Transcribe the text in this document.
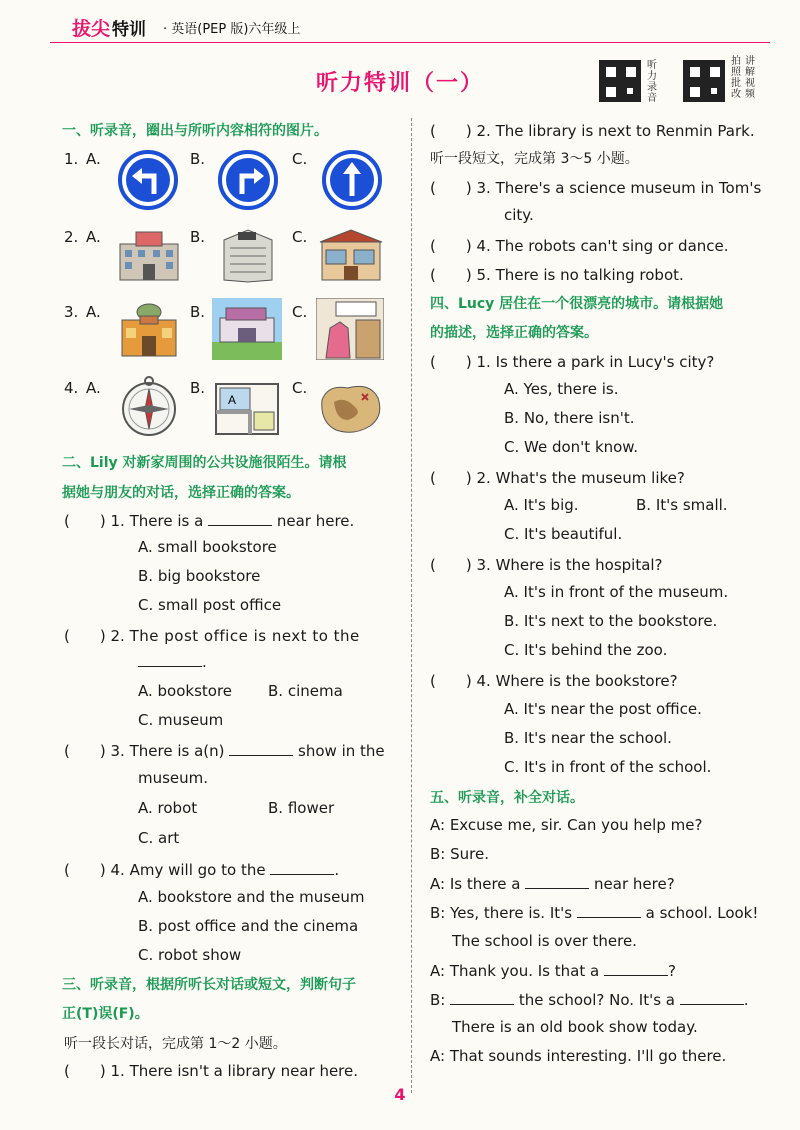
拔尖 特训 · 英语(PEP 版)六年级上
听力特训（一）
听力录音
拍照批改
讲解视频
一、听录音，圈出与所听内容相符的图片。
1. A.	B.	C.
2. A.	B.	C.
3. A.	B.	C.
4. A.	B.	C.
A
二、Lily 对新家周围的公共设施很陌生。请根
据她与朋友的对话，选择正确的答案。
(　　) 1. There is a	near here.
A. small bookstore
B. big bookstore
C. small post office
(　　) 2. The post office is next to the
.
A. bookstore B. cinema
C. museum
(　　) 3. There is a(n)	show in the
museum.
A. robot	B. flower
C. art
(　　) 4. Amy will go to the	.
A. bookstore and the museum
B. post office and the cinema
C. robot show
三、听录音，根据所听长对话或短文，判断句子
正(T)误(F)。
听一段长对话，完成第 1～2 小题。
(　　) 1. There isn't a library near here.
(　　) 2. The library is next to Renmin Park.
听一段短文，完成第 3～5 小题。
(　　) 3. There's a science museum in Tom's
city.
(　　) 4. The robots can't sing or dance.
(　　) 5. There is no talking robot.
四、Lucy 居住在一个很漂亮的城市。请根据她
的描述，选择正确的答案。
(　　) 1. Is there a park in Lucy's city?
A. Yes, there is.
B. No, there isn't.
C. We don't know.
(　　) 2. What's the museum like?
A. It's big.	B. It's small.
C. It's beautiful.
(　　) 3. Where is the hospital?
A. It's in front of the museum.
B. It's next to the bookstore.
C. It's behind the zoo.
(　　) 4. Where is the bookstore?
A. It's near the post office.
B. It's near the school.
C. It's in front of the school.
五、听录音，补全对话。
A: Excuse me, sir. Can you help me?
B: Sure.
A: Is there a	near here?
B: Yes, there is. It's	a school. Look!
The school is over there.
A: Thank you. Is that a	?
B:	the school? No. It's a	.
There is an old book show today.
A: That sounds interesting. I'll go there.
4
